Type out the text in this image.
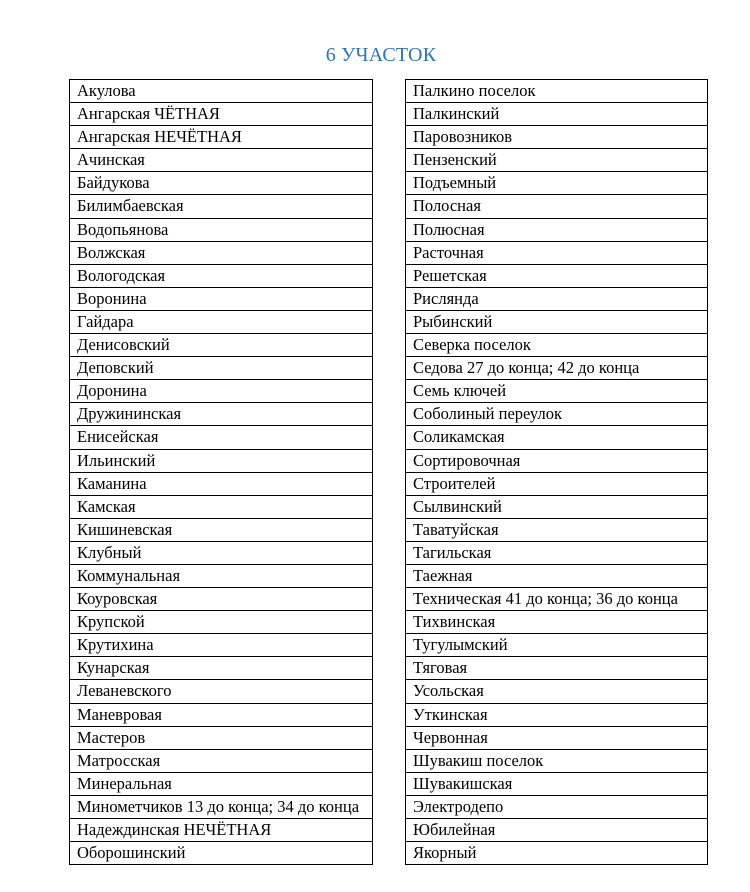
6 УЧАСТОК
Акулова
Ангарская ЧЁТНАЯ
Ангарская НЕЧЁТНАЯ
Ачинская
Байдукова
Билимбаевская
Водопьянова
Волжская
Вологодская
Воронина
Гайдара
Денисовский
Деповский
Доронина
Дружининская
Енисейская
Ильинский
Каманина
Камская
Кишиневская
Клубный
Коммунальная
Коуровская
Крупской
Крутихина
Кунарская
Леваневского
Маневровая
Мастеров
Матросская
Минеральная
Минометчиков 13 до конца; 34 до конца
Надеждинская НЕЧЁТНАЯ
Оборошинский
Палкино поселок
Палкинский
Паровозников
Пензенский
Подъемный
Полосная
Полюсная
Расточная
Решетская
Рислянда
Рыбинский
Северка поселок
Седова 27 до конца; 42 до конца
Семь ключей
Соболиный переулок
Соликамская
Сортировочная
Строителей
Сылвинский
Таватуйская
Тагильская
Таежная
Техническая 41 до конца; 36 до конца
Тихвинская
Тугулымский
Тяговая
Усольская
Уткинская
Червонная
Шувакиш поселок
Шувакишская
Электродепо
Юбилейная
Якорный
